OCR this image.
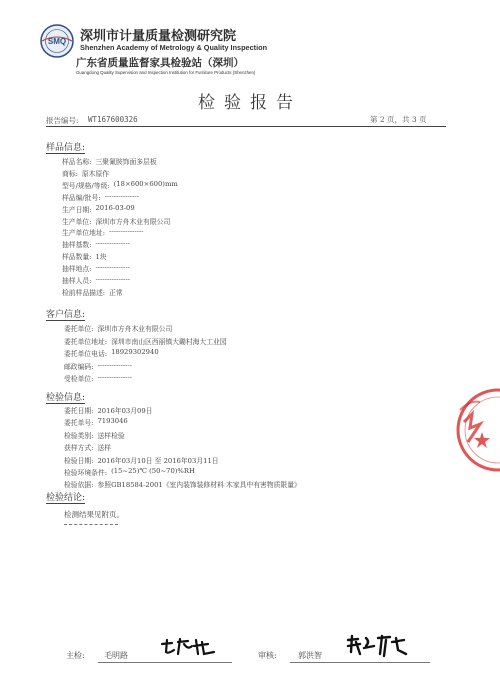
SMQ 深圳市计量质量检测研究院
Shenzhen Academy of Metrology & Quality Inspection
广东省质量监督家具检验站（深圳）
Guangdong Quality Supervision and Inspection Institution for Furniture Products (Shenzhen)
检验报告
报告编号: WT167600326	第 2 页，共 3 页
样品信息:
样品名称: 三聚氰胺饰面多层板
商标: 原木原作
型号/规格/等级: (18×600×600)mm
样品编/批号: ---------------
生产日期: 2016-03-09
生产单位: 深圳市方舟木业有限公司
生产单位地址: ---------------
抽样基数: ---------------
样品数量: 1块
抽样地点: ---------------
抽样人员: ---------------
检前样品描述: 正常
客户信息:
委托单位: 深圳市方舟木业有限公司
委托单位地址: 深圳市南山区西丽镇大磡村海大工业园
委托单位电话: 18929302940
邮政编码: ---------------
受检单位: ---------------
检验信息:
委托日期: 2016年03月09日
委托单号: 7193046
检验类别: 送样检验
获样方式: 送样
检验日期: 2016年03月10日 至 2016年03月11日
检验环境条件: (15~25)℃ (50~70)%RH
检验依据: 参照GB18584-2001《室内装饰装修材料 木家具中有害物质限量》
检验结论:
检测结果见附页。
主检: 毛明路	审核:	郭洪智
